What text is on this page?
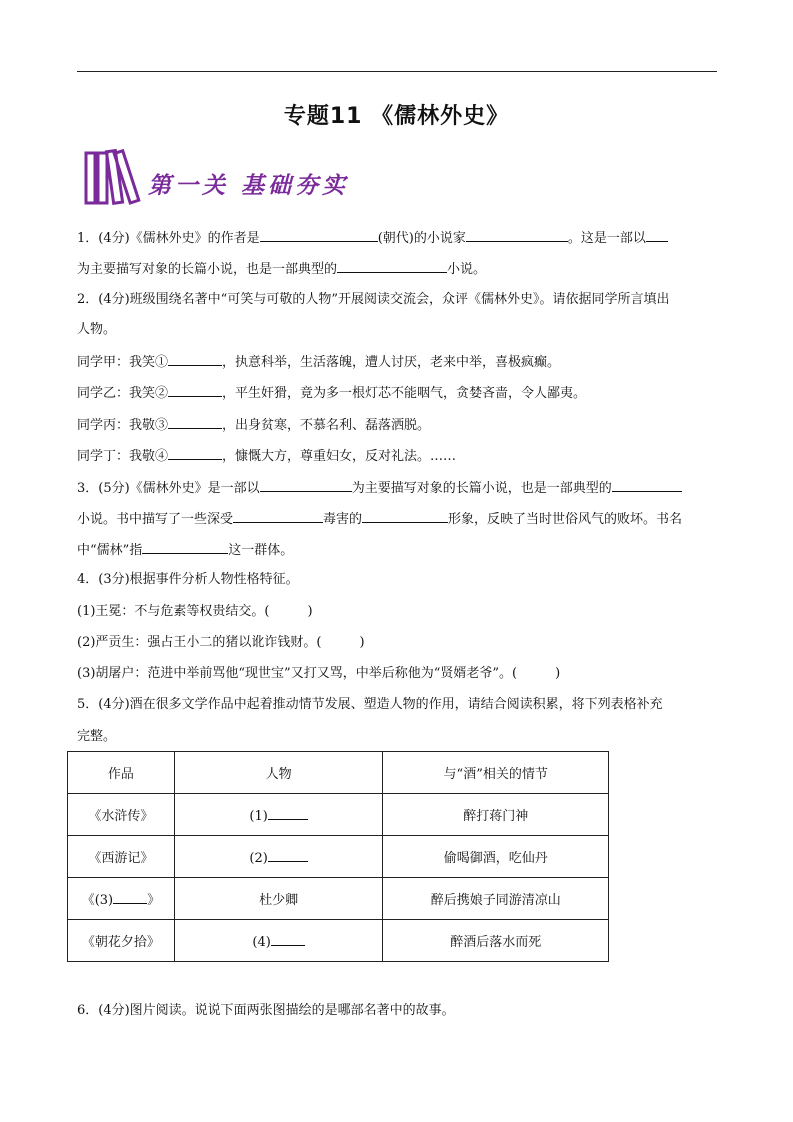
专题11 《儒林外史》
第一关 基础夯实
1．(4分)《儒林外史》的作者是	(朝代)的小说家	。这是一部以
为主要描写对象的长篇小说，也是一部典型的	小说。
2．(4分)班级围绕名著中“可笑与可敬的人物”开展阅读交流会，众评《儒林外史》。请依据同学所言填出
人物。
同学甲：我笑①	，执意科举，生活落魄，遭人讨厌，老来中举，喜极疯癫。
同学乙：我笑②	，平生奸猾，竟为多一根灯芯不能咽气，贪婪吝啬，令人鄙夷。
同学丙：我敬③	，出身贫寒，不慕名利、磊落洒脱。
同学丁：我敬④	，慷慨大方，尊重妇女，反对礼法。……
3．(5分)《儒林外史》是一部以	为主要描写对象的长篇小说，也是一部典型的
小说。书中描写了一些深受	毒害的	形象，反映了当时世俗风气的败坏。书名
中“儒林”指	这一群体。
4．(3分)根据事件分析人物性格特征。
(1)王冕：不与危素等权贵结交。(	)
(2)严贡生：强占王小二的猪以讹诈钱财。(	)
(3)胡屠户：范进中举前骂他“现世宝”又打又骂，中举后称他为“贤婿老爷”。(	)
5．(4分)酒在很多文学作品中起着推动情节发展、塑造人物的作用，请结合阅读积累，将下列表格补充
完整。
作品	人物	与“酒”相关的情节
《水浒传》	(1)	醉打蒋门神
《西游记》	(2)	偷喝御酒，吃仙丹
《(3) 》	杜少卿	醉后携娘子同游清凉山
《朝花夕拾》	(4)	醉酒后落水而死
6．(4分)图片阅读。说说下面两张图描绘的是哪部名著中的故事。
